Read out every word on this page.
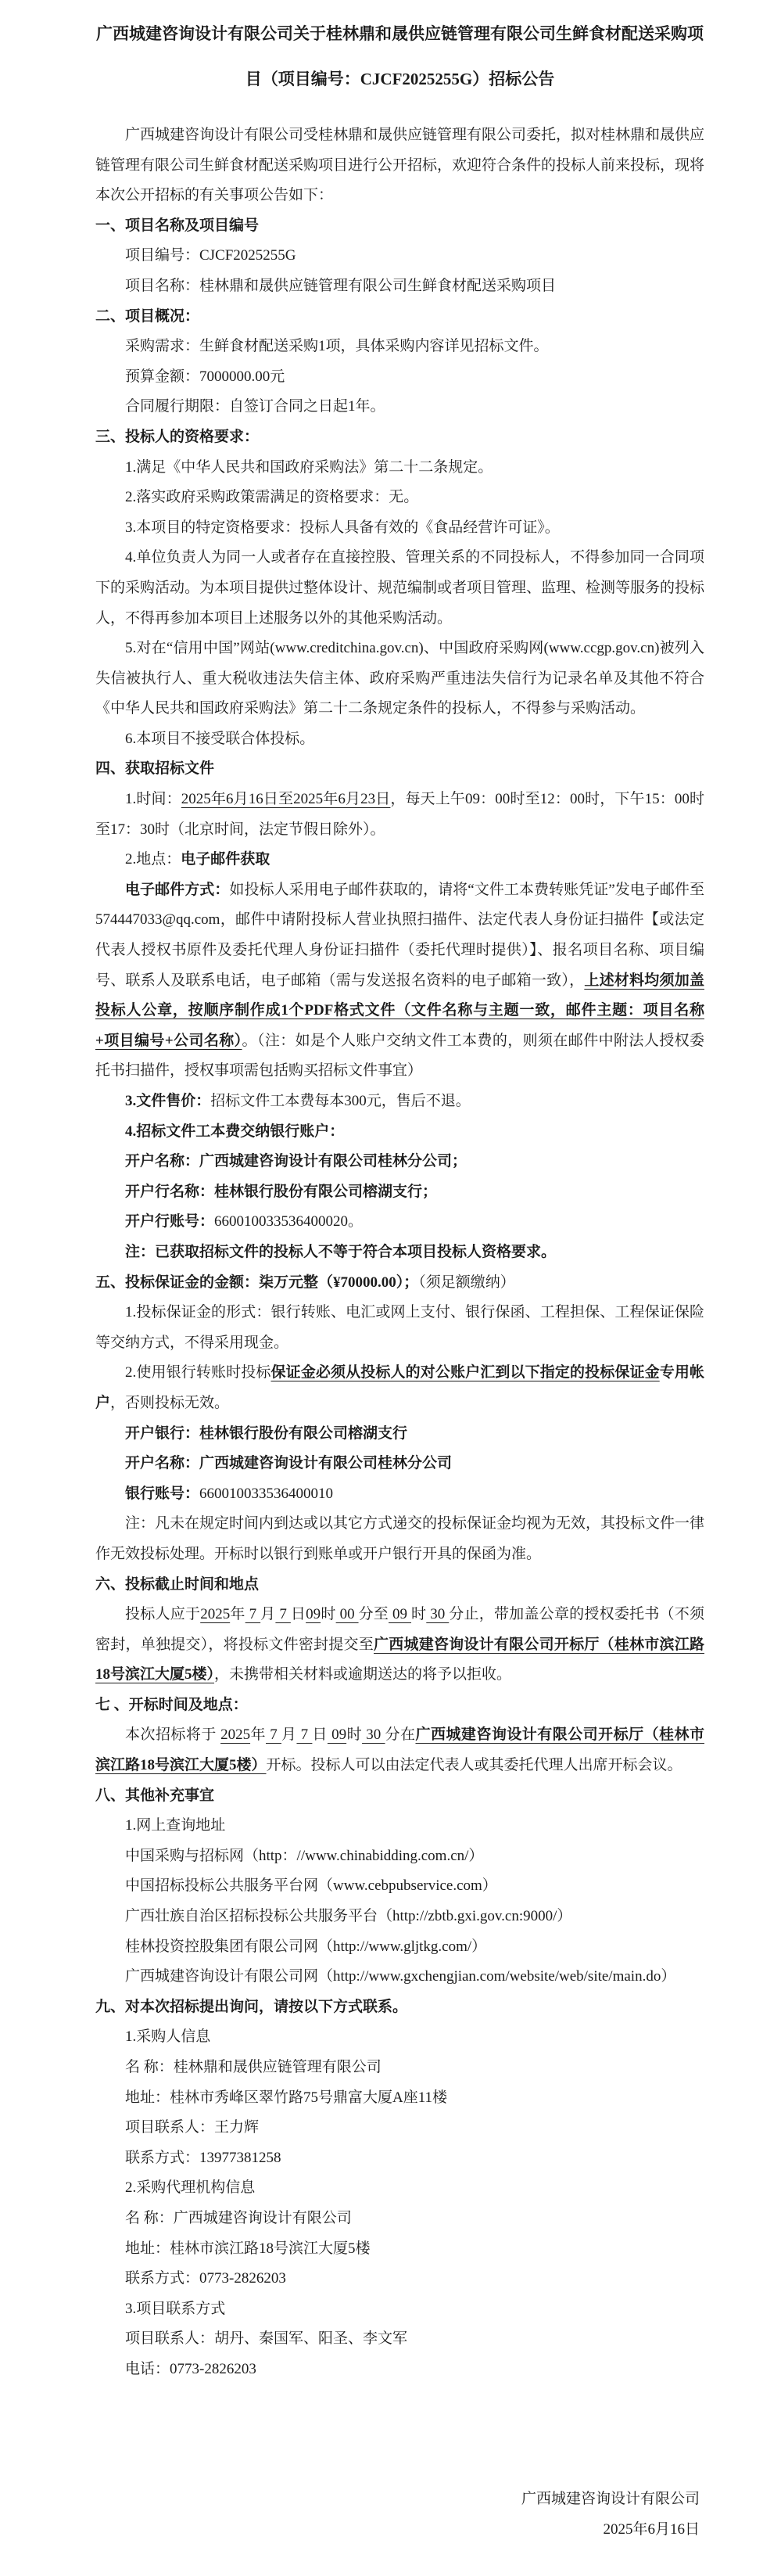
广西城建咨询设计有限公司关于桂林鼎和晟供应链管理有限公司生鲜食材配送采购项目（项目编号：CJCF2025255G）招标公告

广西城建咨询设计有限公司受桂林鼎和晟供应链管理有限公司委托，拟对桂林鼎和晟供应链管理有限公司生鲜食材配送采购项目进行公开招标，欢迎符合条件的投标人前来投标，现将本次公开招标的有关事项公告如下：

一、项目名称及项目编号

项目编号：CJCF2025255G

项目名称：桂林鼎和晟供应链管理有限公司生鲜食材配送采购项目

二、项目概况：

采购需求：生鲜食材配送采购1项，具体采购内容详见招标文件。

预算金额：7000000.00元

合同履行期限：自签订合同之日起1年。

三、投标人的资格要求：

1.满足《中华人民共和国政府采购法》第二十二条规定。

2.落实政府采购政策需满足的资格要求：无。

3.本项目的特定资格要求：投标人具备有效的《食品经营许可证》。

4.单位负责人为同一人或者存在直接控股、管理关系的不同投标人，不得参加同一合同项下的采购活动。为本项目提供过整体设计、规范编制或者项目管理、监理、检测等服务的投标人，不得再参加本项目上述服务以外的其他采购活动。

5.对在“信用中国”网站(www.creditchina.gov.cn)、中国政府采购网(www.ccgp.gov.cn)被列入失信被执行人、重大税收违法失信主体、政府采购严重违法失信行为记录名单及其他不符合《中华人民共和国政府采购法》第二十二条规定条件的投标人，不得参与采购活动。

6.本项目不接受联合体投标。

四、获取招标文件

1.时间：2025年6月16日至2025年6月23日，每天上午09：00时至12：00时，下午15：00时至17：30时（北京时间，法定节假日除外）。

2.地点：电子邮件获取

电子邮件方式：如投标人采用电子邮件获取的，请将“文件工本费转账凭证”发电子邮件至574447033@qq.com，邮件中请附投标人营业执照扫描件、法定代表人身份证扫描件【或法定代表人授权书原件及委托代理人身份证扫描件（委托代理时提供）】、报名项目名称、项目编号、联系人及联系电话，电子邮箱（需与发送报名资料的电子邮箱一致），上述材料均须加盖投标人公章，按顺序制作成1个PDF格式文件（文件名称与主题一致，邮件主题：项目名称+项目编号+公司名称）。（注：如是个人账户交纳文件工本费的，则须在邮件中附法人授权委托书扫描件，授权事项需包括购买招标文件事宜）

3.文件售价：招标文件工本费每本300元，售后不退。

4.招标文件工本费交纳银行账户：

开户名称：广西城建咨询设计有限公司桂林分公司；

开户行名称：桂林银行股份有限公司榕湖支行；

开户行账号：660010033536400020。

注：已获取招标文件的投标人不等于符合本项目投标人资格要求。

五、投标保证金的金额：柒万元整（¥70000.00）；（须足额缴纳）

1.投标保证金的形式：银行转账、电汇或网上支付、银行保函、工程担保、工程保证保险等交纳方式，不得采用现金。

2.使用银行转账时投标保证金必须从投标人的对公账户汇到以下指定的投标保证金专用帐户，否则投标无效。

开户银行：桂林银行股份有限公司榕湖支行

开户名称：广西城建咨询设计有限公司桂林分公司

银行账号：660010033536400010

注：凡未在规定时间内到达或以其它方式递交的投标保证金均视为无效，其投标文件一律作无效投标处理。开标时以银行到账单或开户银行开具的保函为准。

六、投标截止时间和地点

投标人应于2025年 7 月 7 日09时 00 分至 09 时 30 分止，带加盖公章的授权委托书（不须密封，单独提交），将投标文件密封提交至广西城建咨询设计有限公司开标厅（桂林市滨江路18号滨江大厦5楼），未携带相关材料或逾期送达的将予以拒收。

七 、开标时间及地点：

本次招标将于 2025年 7 月 7 日 09时 30 分在广西城建咨询设计有限公司开标厅（桂林市滨江路18号滨江大厦5楼）开标。投标人可以由法定代表人或其委托代理人出席开标会议。

八、其他补充事宜

1.网上查询地址

中国采购与招标网（http：//www.chinabidding.com.cn/）

中国招标投标公共服务平台网（www.cebpubservice.com）

广西壮族自治区招标投标公共服务平台（http://zbtb.gxi.gov.cn:9000/）

桂林投资控股集团有限公司网（http://www.gljtkg.com/）

广西城建咨询设计有限公司网（http://www.gxchengjian.com/website/web/site/main.do）

九、对本次招标提出询问，请按以下方式联系。

1.采购人信息

名 称：桂林鼎和晟供应链管理有限公司

地址：桂林市秀峰区翠竹路75号鼎富大厦A座11楼

项目联系人：王力辉

联系方式：13977381258

2.采购代理机构信息

名 称：广西城建咨询设计有限公司

地址：桂林市滨江路18号滨江大厦5楼

联系方式：0773-2826203

3.项目联系方式

项目联系人：胡丹、秦国军、阳圣、李文军

电话：0773-2826203

广西城建咨询设计有限公司

2025年6月16日
